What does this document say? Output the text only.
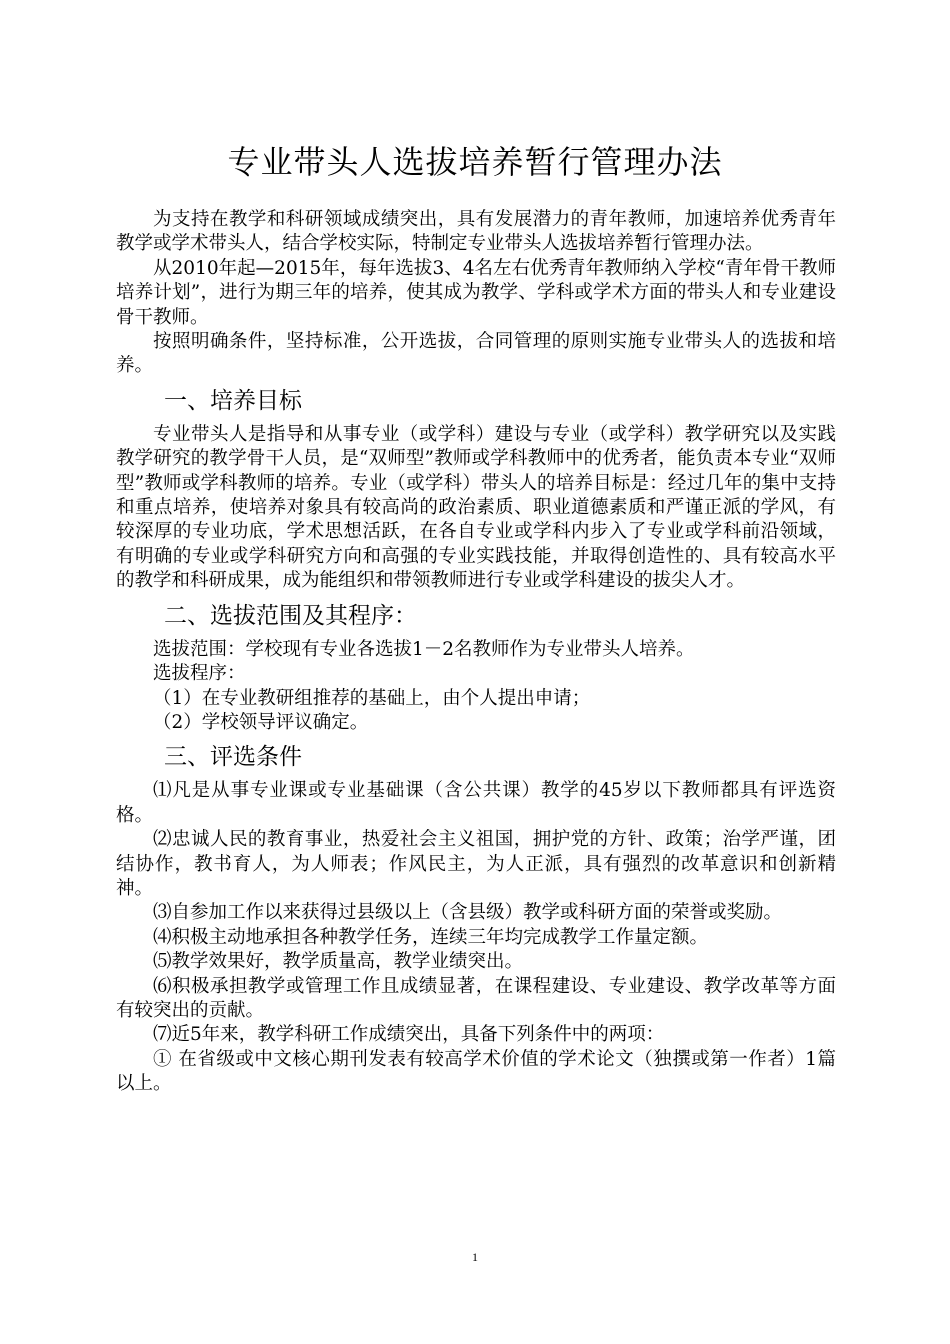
专业带头人选拔培养暂行管理办法

为支持在教学和科研领域成绩突出，具有发展潜力的青年教师，加速培养优秀青年教学或学术带头人，结合学校实际，特制定专业带头人选拔培养暂行管理办法。

从2010年起—2015年，每年选拔3、4名左右优秀青年教师纳入学校“青年骨干教师培养计划”，进行为期三年的培养，使其成为教学、学科或学术方面的带头人和专业建设骨干教师。

按照明确条件，坚持标准，公开选拔，合同管理的原则实施专业带头人的选拔和培养。

一、培养目标

专业带头人是指导和从事专业（或学科）建设与专业（或学科）教学研究以及实践教学研究的教学骨干人员，是“双师型”教师或学科教师中的优秀者，能负责本专业“双师型”教师或学科教师的培养。专业（或学科）带头人的培养目标是：经过几年的集中支持和重点培养，使培养对象具有较高尚的政治素质、职业道德素质和严谨正派的学风，有较深厚的专业功底，学术思想活跃，在各自专业或学科内步入了专业或学科前沿领域，有明确的专业或学科研究方向和高强的专业实践技能，并取得创造性的、具有较高水平的教学和科研成果，成为能组织和带领教师进行专业或学科建设的拔尖人才。

二、选拔范围及其程序：

选拔范围：学校现有专业各选拔1－2名教师作为专业带头人培养。

选拔程序：

（1）在专业教研组推荐的基础上，由个人提出申请；

（2）学校领导评议确定。

三、评选条件

⑴凡是从事专业课或专业基础课（含公共课）教学的45岁以下教师都具有评选资格。

⑵忠诚人民的教育事业，热爱社会主义祖国，拥护党的方针、政策；治学严谨，团结协作，教书育人，为人师表；作风民主，为人正派，具有强烈的改革意识和创新精神。

⑶自参加工作以来获得过县级以上（含县级）教学或科研方面的荣誉或奖励。

⑷积极主动地承担各种教学任务，连续三年均完成教学工作量定额。

⑸教学效果好，教学质量高，教学业绩突出。

⑹积极承担教学或管理工作且成绩显著，在课程建设、专业建设、教学改革等方面有较突出的贡献。

⑺近5年来，教学科研工作成绩突出，具备下列条件中的两项：

① 在省级或中文核心期刊发表有较高学术价值的学术论文（独撰或第一作者）1篇以上。

1
